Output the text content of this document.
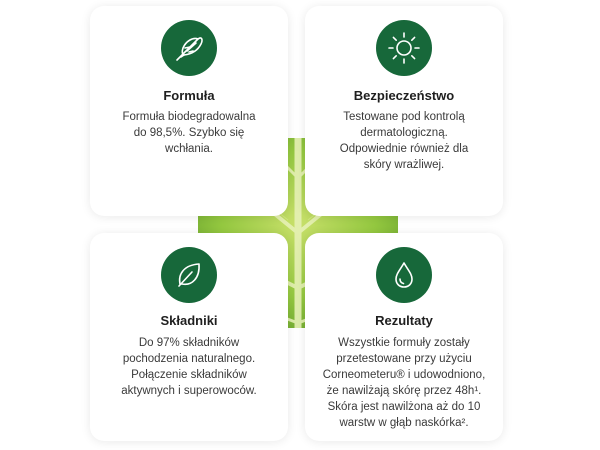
Formuła

Formuła biodegradowalna
do 98,5%. Szybko się
wchłania.

Bezpieczeństwo

Testowane pod kontrolą
dermatologiczną.
Odpowiednie również dla
skóry wrażliwej.

Składniki

Do 97% składników
pochodzenia naturalnego.
Połączenie składników
aktywnych i superowoców.

Rezultaty

Wszystkie formuły zostały
przetestowane przy użyciu
Corneometeru® i udowodniono,
że nawilżają skórę przez 48h¹.
Skóra jest nawilżona aż do 10
warstw w głąb naskórka².
